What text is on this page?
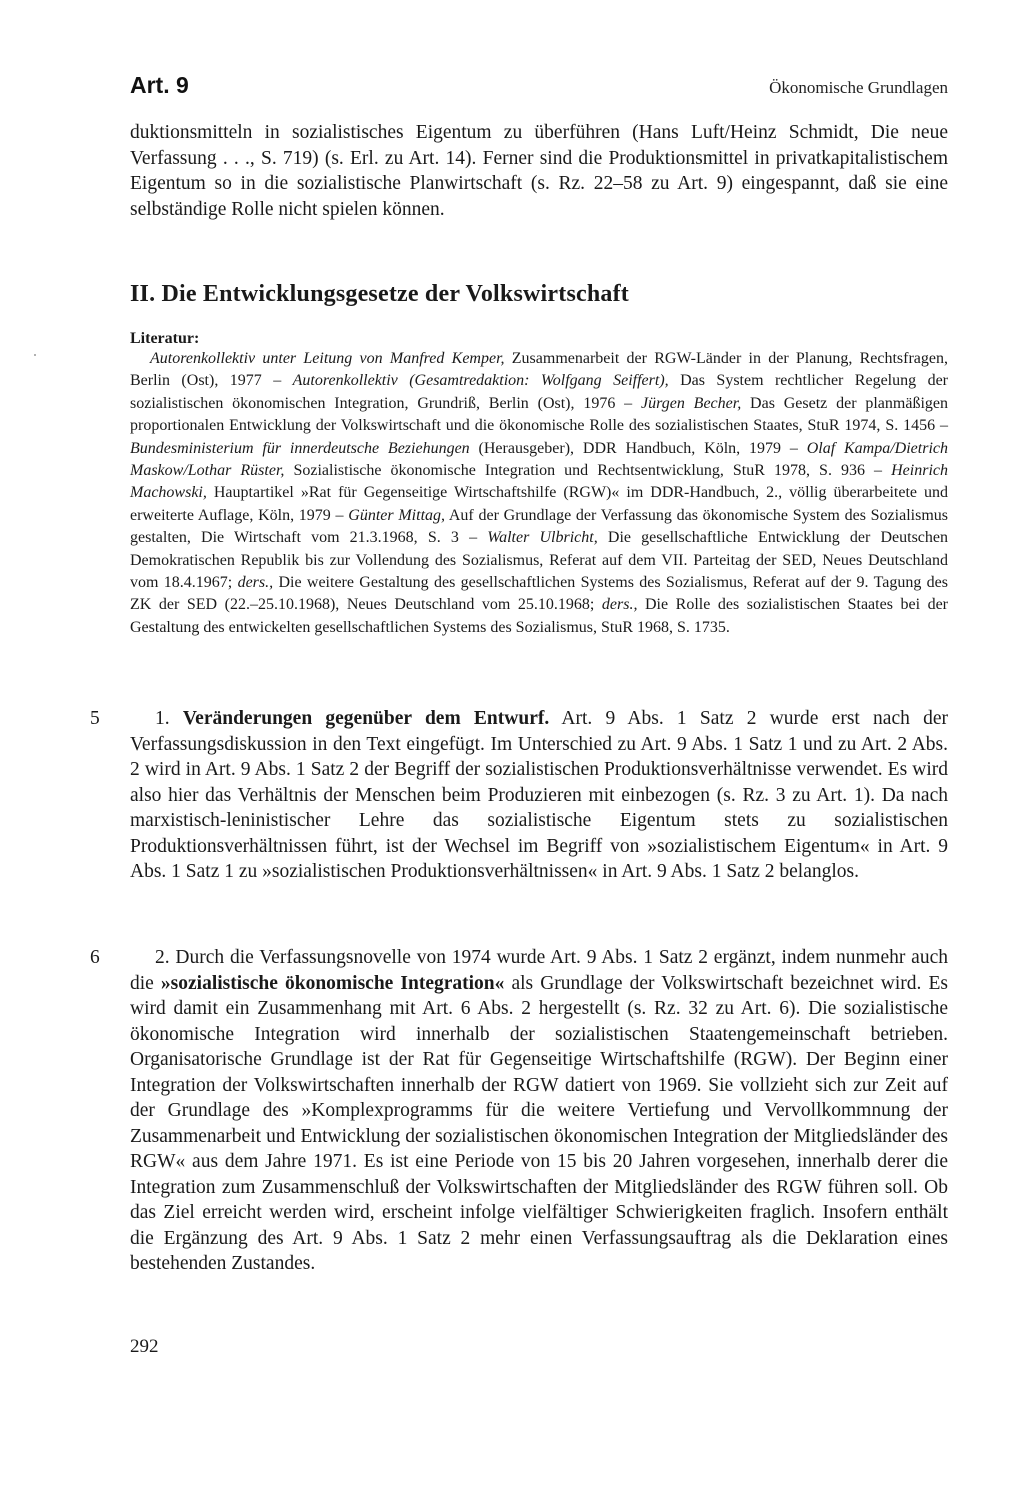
Art. 9	Ökonomische Grundlagen
duktionsmitteln in sozialistisches Eigentum zu überführen (Hans Luft/Heinz Schmidt, Die neue Verfassung . . ., S. 719) (s. Erl. zu Art. 14). Ferner sind die Produktionsmittel in privatkapitalistischem Eigentum so in die sozialistische Planwirtschaft (s. Rz. 22–58 zu Art. 9) eingespannt, daß sie eine selbständige Rolle nicht spielen können.
II. Die Entwicklungsgesetze der Volkswirtschaft
Literatur:
Autorenkollektiv unter Leitung von Manfred Kemper, Zusammenarbeit der RGW-Länder in der Planung, Rechtsfragen, Berlin (Ost), 1977 – Autorenkollektiv (Gesamtredaktion: Wolfgang Seiffert), Das System rechtlicher Regelung der sozialistischen ökonomischen Integration, Grundriß, Berlin (Ost), 1976 – Jürgen Becher, Das Gesetz der planmäßigen proportionalen Entwicklung der Volkswirtschaft und die ökonomische Rolle des sozialistischen Staates, StuR 1974, S. 1456 – Bundesministerium für innerdeutsche Beziehungen (Herausgeber), DDR Handbuch, Köln, 1979 – Olaf Kampa/Dietrich Maskow/Lothar Rüster, Sozialistische ökonomische Integration und Rechtsentwicklung, StuR 1978, S. 936 – Heinrich Machowski, Hauptartikel »Rat für Gegenseitige Wirtschaftshilfe (RGW)« im DDR-Handbuch, 2., völlig überarbeitete und erweiterte Auflage, Köln, 1979 – Günter Mittag, Auf der Grundlage der Verfassung das ökonomische System des Sozialismus gestalten, Die Wirtschaft vom 21.3.1968, S. 3 – Walter Ulbricht, Die gesellschaftliche Entwicklung der Deutschen Demokratischen Republik bis zur Vollendung des Sozialismus, Referat auf dem VII. Parteitag der SED, Neues Deutschland vom 18.4.1967; ders., Die weitere Gestaltung des gesellschaftlichen Systems des Sozialismus, Referat auf der 9. Tagung des ZK der SED (22.–25.10.1968), Neues Deutschland vom 25.10.1968; ders., Die Rolle des sozialistischen Staates bei der Gestaltung des entwickelten gesellschaftlichen Systems des Sozialismus, StuR 1968, S. 1735.
5	1. Veränderungen gegenüber dem Entwurf. Art. 9 Abs. 1 Satz 2 wurde erst nach der Verfassungsdiskussion in den Text eingefügt. Im Unterschied zu Art. 9 Abs. 1 Satz 1 und zu Art. 2 Abs. 2 wird in Art. 9 Abs. 1 Satz 2 der Begriff der sozialistischen Produktionsverhältnisse verwendet. Es wird also hier das Verhältnis der Menschen beim Produzieren mit einbezogen (s. Rz. 3 zu Art. 1). Da nach marxistisch-leninistischer Lehre das sozialistische Eigentum stets zu sozialistischen Produktionsverhältnissen führt, ist der Wechsel im Begriff von »sozialistischem Eigentum« in Art. 9 Abs. 1 Satz 1 zu »sozialistischen Produktionsverhältnissen« in Art. 9 Abs. 1 Satz 2 belanglos.
6	2. Durch die Verfassungsnovelle von 1974 wurde Art. 9 Abs. 1 Satz 2 ergänzt, indem nunmehr auch die »sozialistische ökonomische Integration« als Grundlage der Volkswirtschaft bezeichnet wird. Es wird damit ein Zusammenhang mit Art. 6 Abs. 2 hergestellt (s. Rz. 32 zu Art. 6). Die sozialistische ökonomische Integration wird innerhalb der sozialistischen Staatengemeinschaft betrieben. Organisatorische Grundlage ist der Rat für Gegenseitige Wirtschaftshilfe (RGW). Der Beginn einer Integration der Volkswirtschaften innerhalb der RGW datiert von 1969. Sie vollzieht sich zur Zeit auf der Grundlage des »Komplexprogramms für die weitere Vertiefung und Vervollkommnung der Zusammenarbeit und Entwicklung der sozialistischen ökonomischen Integration der Mitgliedsländer des RGW« aus dem Jahre 1971. Es ist eine Periode von 15 bis 20 Jahren vorgesehen, innerhalb derer die Integration zum Zusammenschluß der Volkswirtschaften der Mitgliedsländer des RGW führen soll. Ob das Ziel erreicht werden wird, erscheint infolge vielfältiger Schwierigkeiten fraglich. Insofern enthält die Ergänzung des Art. 9 Abs. 1 Satz 2 mehr einen Verfassungsauftrag als die Deklaration eines bestehenden Zustandes.
292
